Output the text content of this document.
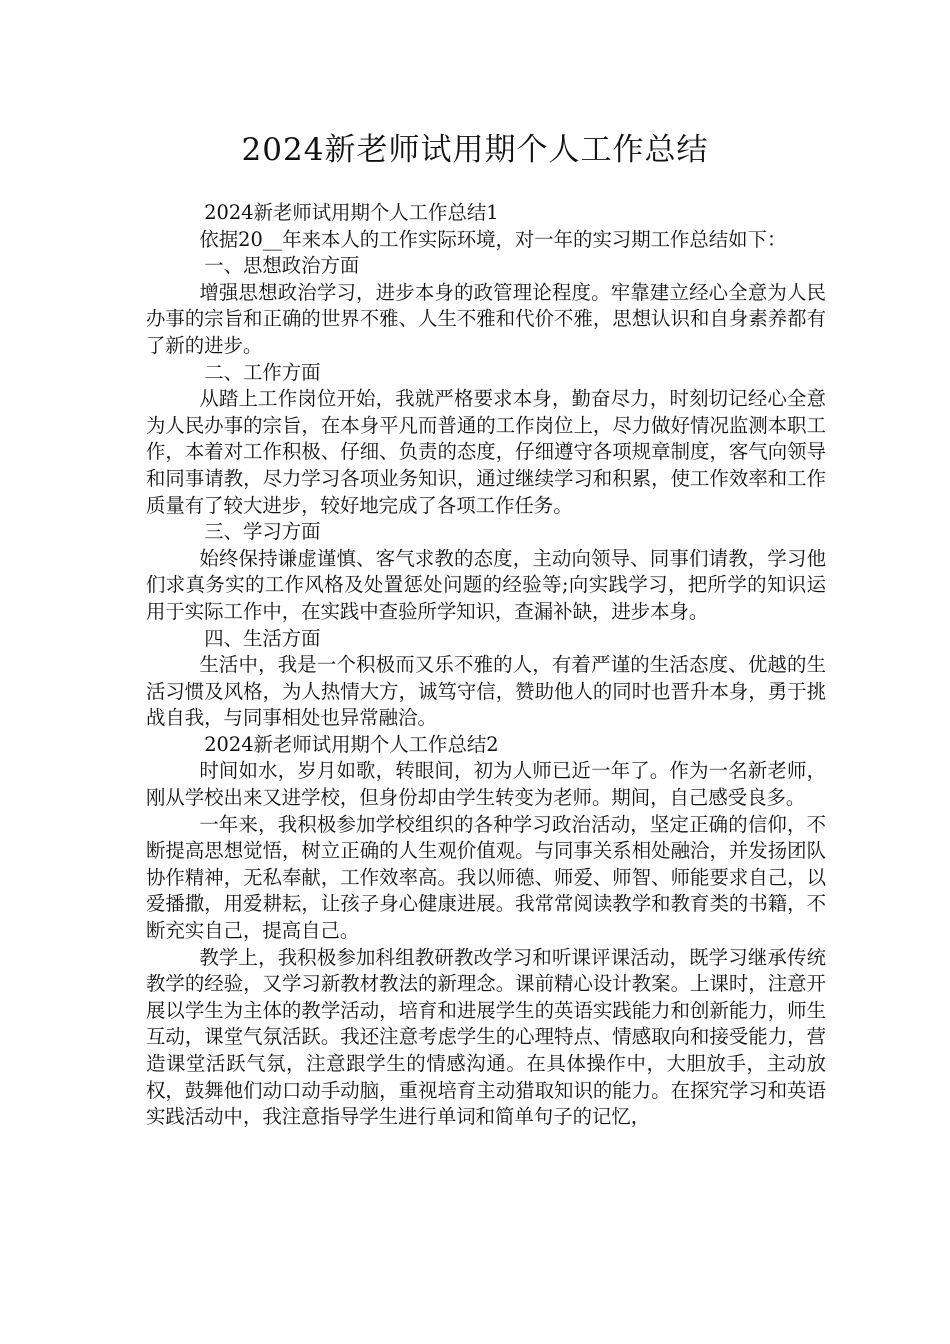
2024新老师试用期个人工作总结

2024新老师试用期个人工作总结1

依据20__年来本人的工作实际环境，对一年的实习期工作总结如下：

一、思想政治方面

增强思想政治学习，进步本身的政管理论程度。牢靠建立经心全意为人民办事的宗旨和正确的世界不雅、人生不雅和代价不雅，思想认识和自身素养都有了新的进步。

二、工作方面

从踏上工作岗位开始，我就严格要求本身，勤奋尽力，时刻切记经心全意为人民办事的宗旨，在本身平凡而普通的工作岗位上，尽力做好情况监测本职工作，本着对工作积极、仔细、负责的态度，仔细遵守各项规章制度，客气向领导和同事请教，尽力学习各项业务知识，通过继续学习和积累，使工作效率和工作质量有了较大进步，较好地完成了各项工作任务。

三、学习方面

始终保持谦虚谨慎、客气求教的态度，主动向领导、同事们请教，学习他们求真务实的工作风格及处置惩处问题的经验等;向实践学习，把所学的知识运用于实际工作中，在实践中查验所学知识，查漏补缺，进步本身。

四、生活方面

生活中，我是一个积极而又乐不雅的人，有着严谨的生活态度、优越的生活习惯及风格，为人热情大方，诚笃守信，赞助他人的同时也晋升本身，勇于挑战自我，与同事相处也异常融洽。

2024新老师试用期个人工作总结2

时间如水，岁月如歌，转眼间，初为人师已近一年了。作为一名新老师，刚从学校出来又进学校，但身份却由学生转变为老师。期间，自己感受良多。

一年来，我积极参加学校组织的各种学习政治活动，坚定正确的信仰，不断提高思想觉悟，树立正确的人生观价值观。与同事关系相处融洽，并发扬团队协作精神，无私奉献，工作效率高。我以师德、师爱、师智、师能要求自己，以爱播撒，用爱耕耘，让孩子身心健康进展。我常常阅读教学和教育类的书籍，不断充实自己，提高自己。

教学上，我积极参加科组教研教改学习和听课评课活动，既学习继承传统教学的经验，又学习新教材教法的新理念。课前精心设计教案。上课时，注意开展以学生为主体的教学活动，培育和进展学生的英语实践能力和创新能力，师生互动，课堂气氛活跃。我还注意考虑学生的心理特点、情感取向和接受能力，营造课堂活跃气氛，注意跟学生的情感沟通。在具体操作中，大胆放手，主动放权，鼓舞他们动口动手动脑，重视培育主动猎取知识的能力。在探究学习和英语实践活动中，我注意指导学生进行单词和简单句子的记忆，
